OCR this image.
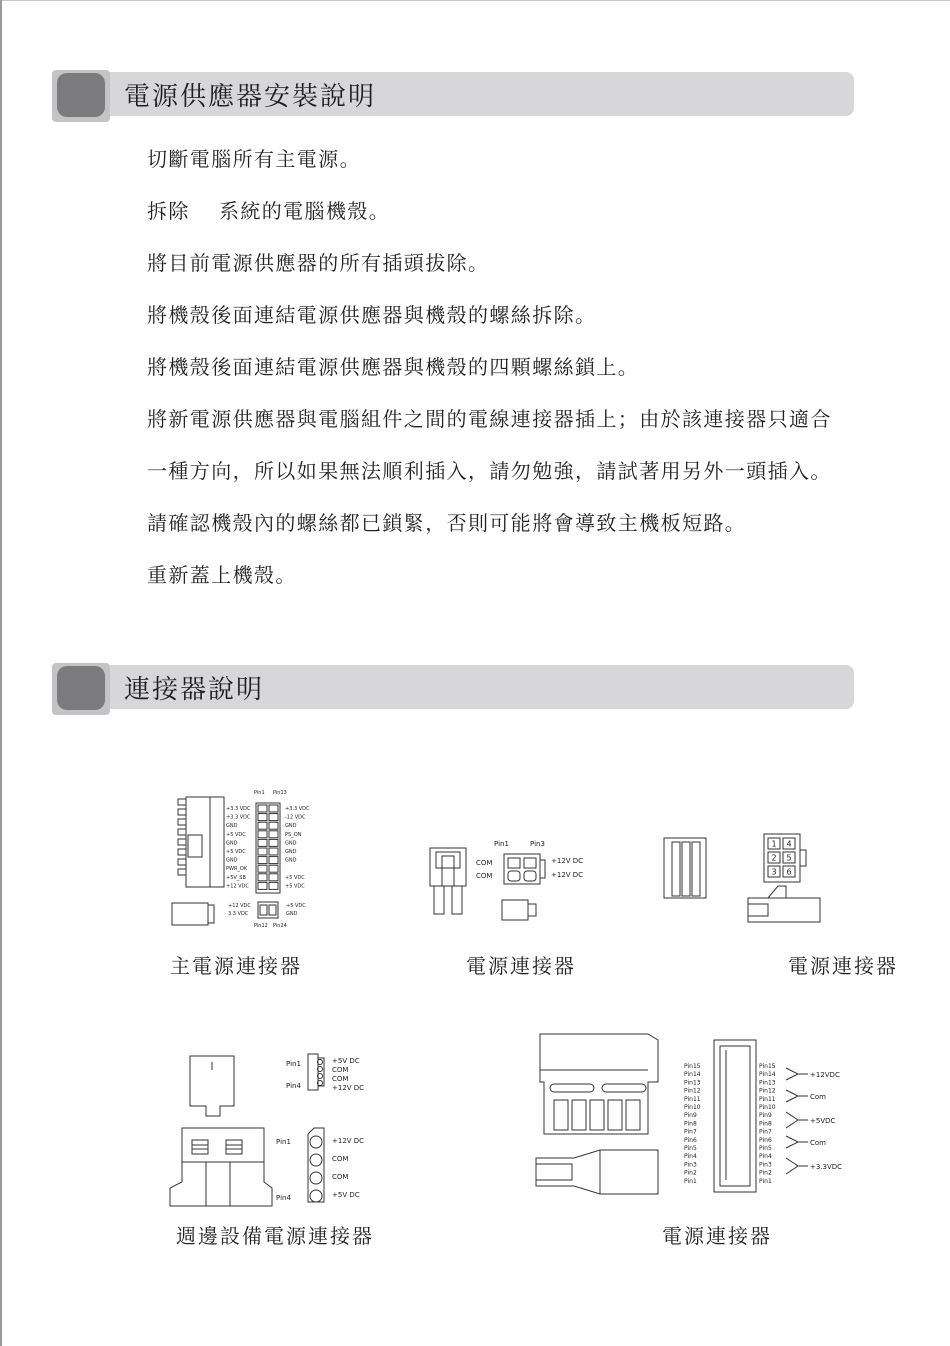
電源供應器安裝說明
切斷電腦所有主電源。
拆除　 系統的電腦機殼。
將目前電源供應器的所有插頭拔除。
將機殼後面連結電源供應器與機殼的螺絲拆除。
將機殼後面連結電源供應器與機殼的四顆螺絲鎖上。
將新電源供應器與電腦組件之間的電線連接器插上；由於該連接器只適合
一種方向，所以如果無法順利插入，請勿勉強，請試著用另外一頭插入。
請確認機殼內的螺絲都已鎖緊，否則可能將會導致主機板短路。
重新蓋上機殼。
連接器說明
Pin1 Pin13
Pin12 Pin24
+3.3 VDC
+3.3 VDC
GND
+5 VDC
GND
+5 VDC
GND
PWR_OK
+5V_SB
+12 VDC
+3.3 VDC
-12 VDC
GND
PS_ON
GND
GND
GND
+5 VDC
+5 VDC
+12 VDC
3.3 VDC
+5 VDC
GND
主電源連接器
Pin1	Pin3
COM
COM
+12V DC
+12V DC
電源連接器
1 4
2 5
3 6
電源連接器
Pin1
Pin4
+5V DC
COM
COM
+12V DC
Pin1
Pin4
+12V DC
COM
COM
+5V DC
週邊設備電源連接器
Pin15
Pin14
Pin13
Pin12
Pin11
Pin10
Pin9
Pin8
Pin7
Pin6
Pin5
Pin4
Pin3
Pin2
Pin1
Pin15
Pin14
Pin13
Pin12
Pin11
Pin10
Pin9
Pin8
Pin7
Pin6
Pin5
Pin4
Pin3
Pin2
Pin1
+12VDC
Com
+5VDC
Com
+3.3VDC
電源連接器
